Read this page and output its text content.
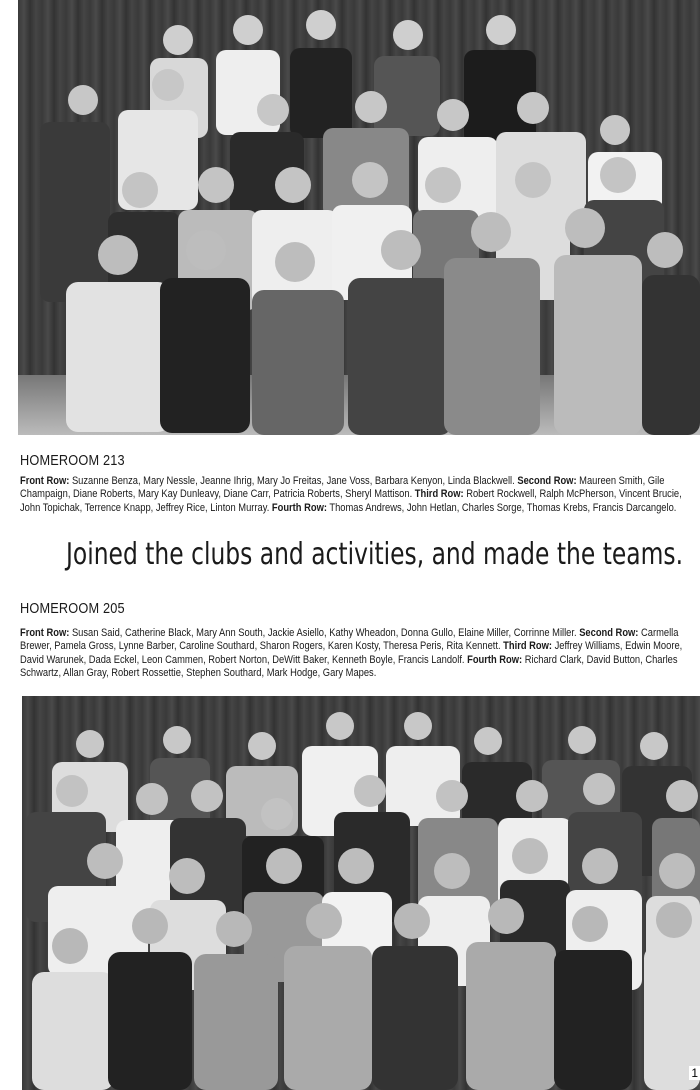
HOMEROOM 213
Front Row: Suzanne Benza, Mary Nessle, Jeanne Ihrig, Mary Jo Freitas, Jane Voss, Barbara Kenyon, Linda Blackwell. Second Row: Maureen Smith, Gile Champaign, Diane Roberts, Mary Kay Dunleavy, Diane Carr, Patricia Roberts, Sheryl Mattison. Third Row: Robert Rockwell, Ralph McPherson, Vincent Brucie, John Topichak, Terrence Knapp, Jeffrey Rice, Linton Murray. Fourth Row: Thomas Andrews, John Hetlan, Charles Sorge, Thomas Krebs, Francis Darcangelo.
Joined the clubs and activities, and made the teams.
HOMEROOM 205
Front Row: Susan Said, Catherine Black, Mary Ann South, Jackie Asiello, Kathy Wheadon, Donna Gullo, Elaine Miller, Corrinne Miller. Second Row: Carmella Brewer, Pamela Gross, Lynne Barber, Caroline Southard, Sharon Rogers, Karen Kosty, Theresa Peris, Rita Kennett. Third Row: Jeffrey Williams, Edwin Moore, David Warunek, Dada Eckel, Leon Cammen, Robert Norton, DeWitt Baker, Kenneth Boyle, Francis Landolf. Fourth Row: Richard Clark, David Button, Charles Schwartz, Allan Gray, Robert Rossettie, Stephen Southard, Mark Hodge, Gary Mapes.
1
